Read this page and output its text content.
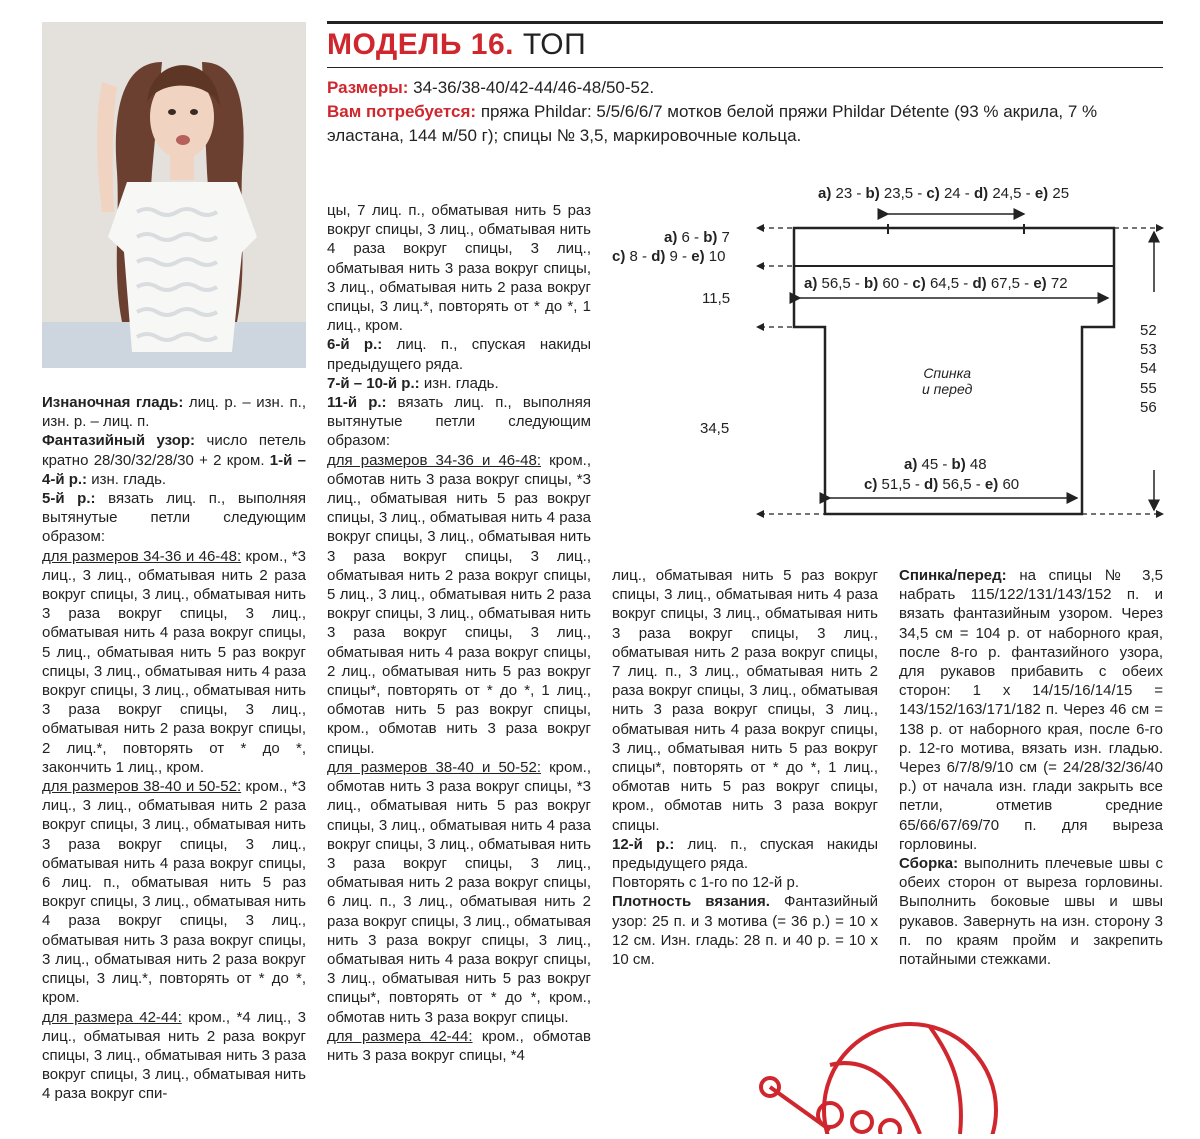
МОДЕЛЬ 16. ТОП

Размеры: 34-36/38-40/42-44/46-48/50-52.

Вам потребуется: пряжа Phildar: 5/5/6/6/7 мотков белой пряжи Phildar Détente (93 % акрила, 7 % эластана, 144 м/50 г); спицы № 3,5, маркировочные кольца.

Изнаночная гладь: лиц. р. – изн. п., изн. р. – лиц. п.

Фантазийный узор: число петель кратно 28/30/32/28/30 + 2 кром. 1-й – 4-й р.: изн. гладь.

5-й р.: вязать лиц. п., выполняя вытянутые петли следующим образом:

для размеров 34-36 и 46-48: кром., *3 лиц., 3 лиц., обматывая нить 2 раза вокруг спицы, 3 лиц., обматывая нить 3 раза вокруг спицы, 3 лиц., обматывая нить 4 раза вокруг спицы, 5 лиц., обматывая нить 5 раз вокруг спицы, 3 лиц., обматывая нить 4 раза вокруг спицы, 3 лиц., обматывая нить 3 раза вокруг спицы, 3 лиц., обматывая нить 2 раза вокруг спицы, 2 лиц.*, повторять от * до *, закончить 1 лиц., кром.

для размеров 38-40 и 50-52: кром., *3 лиц., 3 лиц., обматывая нить 2 раза вокруг спицы, 3 лиц., обматывая нить 3 раза вокруг спицы, 3 лиц., обматывая нить 4 раза вокруг спицы, 6 лиц. п., обматывая нить 5 раз вокруг спицы, 3 лиц., обматывая нить 4 раза вокруг спицы, 3 лиц., обматывая нить 3 раза вокруг спицы, 3 лиц., обматывая нить 2 раза вокруг спицы, 3 лиц.*, повторять от * до *, кром.

для размера 42-44: кром., *4 лиц., 3 лиц., обматывая нить 2 раза вокруг спицы, 3 лиц., обматывая нить 3 раза вокруг спицы, 3 лиц., обматывая нить 4 раза вокруг спи-

цы, 7 лиц. п., обматывая нить 5 раз вокруг спицы, 3 лиц., обматывая нить 4 раза вокруг спицы, 3 лиц., обматывая нить 3 раза вокруг спицы, 3 лиц., обматывая нить 2 раза вокруг спицы, 3 лиц.*, повторять от * до *, 1 лиц., кром.

6-й р.: лиц. п., спуская накиды предыдущего ряда.

7-й – 10-й р.: изн. гладь.

11-й р.: вязать лиц. п., выполняя вытянутые петли следующим образом:

для размеров 34-36 и 46-48: кром., обмотав нить 3 раза вокруг спицы, *3 лиц., обматывая нить 5 раз вокруг спицы, 3 лиц., обматывая нить 4 раза вокруг спицы, 3 лиц., обматывая нить 3 раза вокруг спицы, 3 лиц., обматывая нить 2 раза вокруг спицы, 5 лиц., 3 лиц., обматывая нить 2 раза вокруг спицы, 3 лиц., обматывая нить 3 раза вокруг спицы, 3 лиц., обматывая нить 4 раза вокруг спицы, 2 лиц., обматывая нить 5 раз вокруг спицы*, повторять от * до *, 1 лиц., обмотав нить 5 раз вокруг спицы, кром., обмотав нить 3 раза вокруг спицы.

для размеров 38-40 и 50-52: кром., обмотав нить 3 раза вокруг спицы, *3 лиц., обматывая нить 5 раз вокруг спицы, 3 лиц., обматывая нить 4 раза вокруг спицы, 3 лиц., обматывая нить 3 раза вокруг спицы, 3 лиц., обматывая нить 2 раза вокруг спицы, 6 лиц. п., 3 лиц., обматывая нить 2 раза вокруг спицы, 3 лиц., обматывая нить 3 раза вокруг спицы, 3 лиц., обматывая нить 4 раза вокруг спицы, 3 лиц., обматывая нить 5 раз вокруг спицы*, повторять от * до *, кром., обмотав нить 3 раза вокруг спицы.

для размера 42-44: кром., обмотав нить 3 раза вокруг спицы, *4

лиц., обматывая нить 5 раз вокруг спицы, 3 лиц., обматывая нить 4 раза вокруг спицы, 3 лиц., обматывая нить 3 раза вокруг спицы, 3 лиц., обматывая нить 2 раза вокруг спицы, 7 лиц. п., 3 лиц., обматывая нить 2 раза вокруг спицы, 3 лиц., обматывая нить 3 раза вокруг спицы, 3 лиц., обматывая нить 4 раза вокруг спицы, 3 лиц., обматывая нить 5 раз вокруг спицы*, повторять от * до *, 1 лиц., обмотав нить 5 раз вокруг спицы, кром., обмотав нить 3 раза вокруг спицы.

12-й р.: лиц. п., спуская накиды предыдущего ряда.

Повторять с 1-го по 12-й р.

Плотность вязания. Фантазийный узор: 25 п. и 3 мотива (= 36 р.) = 10 x 12 см. Изн. гладь: 28 п. и 40 р. = 10 x 10 см.

Спинка/перед: на спицы № 3,5 набрать 115/122/131/143/152 п. и вязать фантазийным узором. Через 34,5 см = 104 р. от наборного края, после 8-го р. фантазийного узора, для рукавов прибавить с обеих сторон: 1 x 14/15/16/14/15 = 143/152/163/171/182 п. Через 46 см = 138 р. от наборного края, после 6-го р. 12-го мотива, вязать изн. гладью. Через 6/7/8/9/10 см (= 24/28/32/36/40 р.) от начала изн. глади закрыть все петли, отметив средние 65/66/67/69/70 п. для выреза горловины.

Сборка: выполнить плечевые швы с обеих сторон от выреза горловины. Выполнить боковые швы и швы рукавов. Завернуть на изн. сторону 3 п. по краям пройм и закрепить потайными стежками.

a) 23 - b) 23,5 - c) 24 - d) 24,5 - e) 25
a) 6 - b) 7
c) 8 - d) 9 - e) 10
a) 56,5 - b) 60 - c) 64,5 - d) 67,5 - e) 72
11,5
34,5
52
53
54
55
56
Спинка
и перед
a) 45 - b) 48
c) 51,5 - d) 56,5 - e) 60
